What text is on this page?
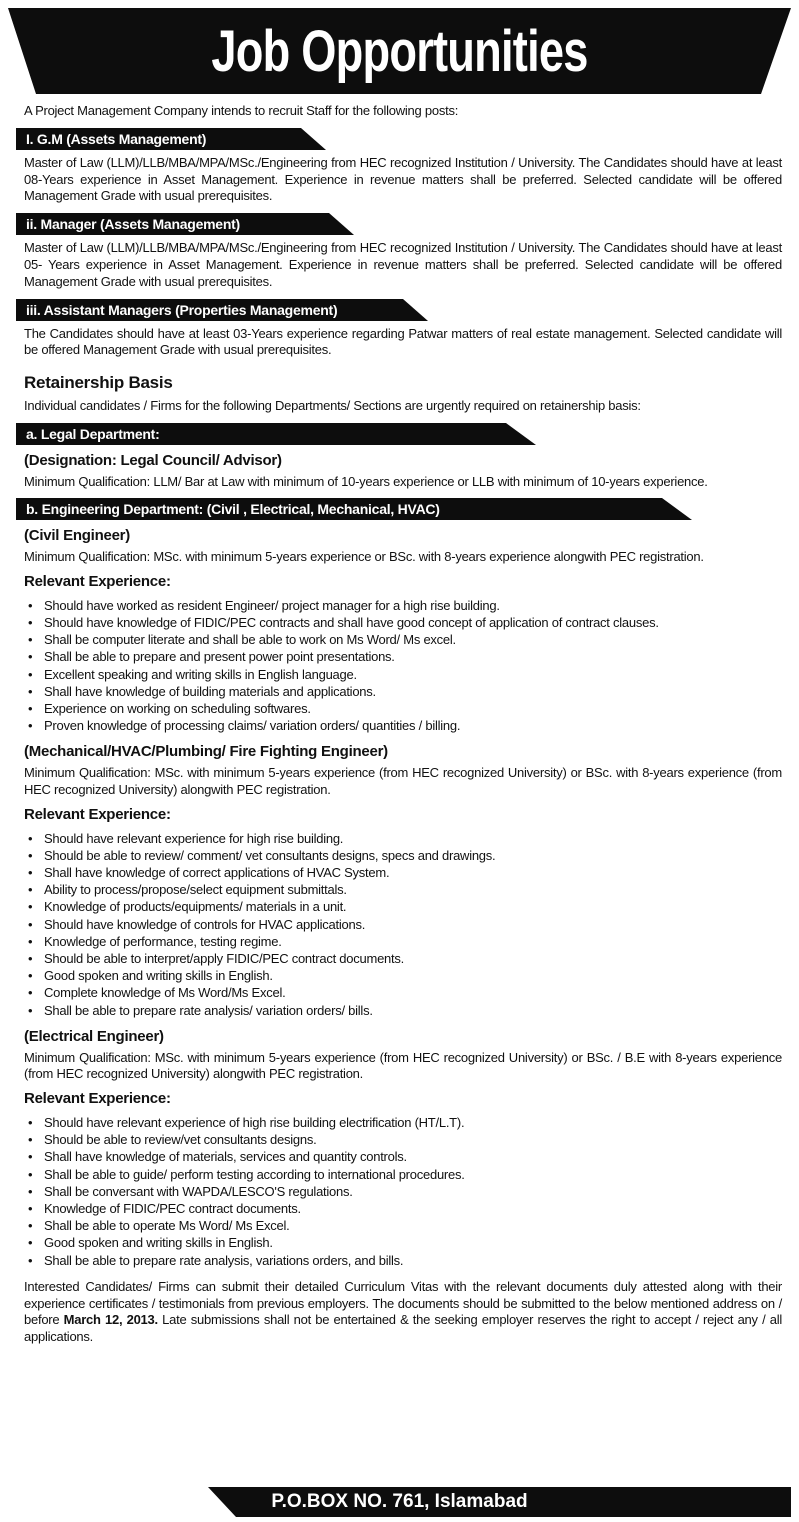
Job Opportunities
A Project Management Company intends to recruit Staff for the following posts:
I. G.M (Assets Management)

Master of Law (LLM)/LLB/MBA/MPA/MSc./Engineering from HEC recognized Institution / University. The Candidates should have at least 08-Years experience in Asset Management. Experience in revenue matters shall be preferred. Selected candidate will be offered Management Grade with usual prerequisites.

ii. Manager (Assets Management)

Master of Law (LLM)/LLB/MBA/MPA/MSc./Engineering from HEC recognized Institution / University. The Candidates should have at least 05- Years experience in Asset Management. Experience in revenue matters shall be preferred. Selected candidate will be offered Management Grade with usual prerequisites.

iii. Assistant Managers (Properties Management)

The Candidates should have at least 03-Years experience regarding Patwar matters of real estate management. Selected candidate will be offered Management Grade with usual prerequisites.

Retainership Basis

Individual candidates / Firms for the following Departments/ Sections are urgently required on retainership basis:

a. Legal Department:
(Designation: Legal Council/ Advisor)

Minimum Qualification: LLM/ Bar at Law with minimum of 10-years experience or LLB with minimum of 10-years experience.

b. Engineering Department: (Civil , Electrical, Mechanical, HVAC)
(Civil Engineer)

Minimum Qualification: MSc. with minimum 5-years experience or BSc. with 8-years experience alongwith PEC registration.

Relevant Experience:
• Should have worked as resident Engineer/ project manager for a high rise building.
• Should have knowledge of FIDIC/PEC contracts and shall have good concept of application of contract clauses.
• Shall be computer literate and shall be able to work on Ms Word/ Ms excel.
• Shall be able to prepare and present power point presentations.
• Excellent speaking and writing skills in English language.
• Shall have knowledge of building materials and applications.
• Experience on working on scheduling softwares.
• Proven knowledge of processing claims/ variation orders/ quantities / billing.
(Mechanical/HVAC/Plumbing/ Fire Fighting Engineer)

Minimum Qualification: MSc. with minimum 5-years experience (from HEC recognized University) or BSc. with 8-years experience (from HEC recognized University) alongwith PEC registration.

Relevant Experience:
• Should have relevant experience for high rise building.
• Should be able to review/ comment/ vet consultants designs, specs and drawings.
• Shall have knowledge of correct applications of HVAC System.
• Ability to process/propose/select equipment submittals.
• Knowledge of products/equipments/ materials in a unit.
• Should have knowledge of controls for HVAC applications.
• Knowledge of performance, testing regime.
• Should be able to interpret/apply FIDIC/PEC contract documents.
• Good spoken and writing skills in English.
• Complete knowledge of Ms Word/Ms Excel.
• Shall be able to prepare rate analysis/ variation orders/ bills.
(Electrical Engineer)

Minimum Qualification: MSc. with minimum 5-years experience (from HEC recognized University) or BSc. / B.E with 8-years experience (from HEC recognized University) alongwith PEC registration.

Relevant Experience:
• Should have relevant experience of high rise building electrification (HT/L.T).
• Should be able to review/vet consultants designs.
• Shall have knowledge of materials, services and quantity controls.
• Shall be able to guide/ perform testing according to international procedures.
• Shall be conversant with WAPDA/LESCO'S regulations.
• Knowledge of FIDIC/PEC contract documents.
• Shall be able to operate Ms Word/ Ms Excel.
• Good spoken and writing skills in English.
• Shall be able to prepare rate analysis, variations orders, and bills.

Interested Candidates/ Firms can submit their detailed Curriculum Vitas with the relevant documents duly attested along with their experience certificates / testimonials from previous employers. The documents should be submitted to the below mentioned address on / before March 12, 2013. Late submissions shall not be entertained & the seeking employer reserves the right to accept / reject any / all applications.

P.O.BOX NO. 761, Islamabad
